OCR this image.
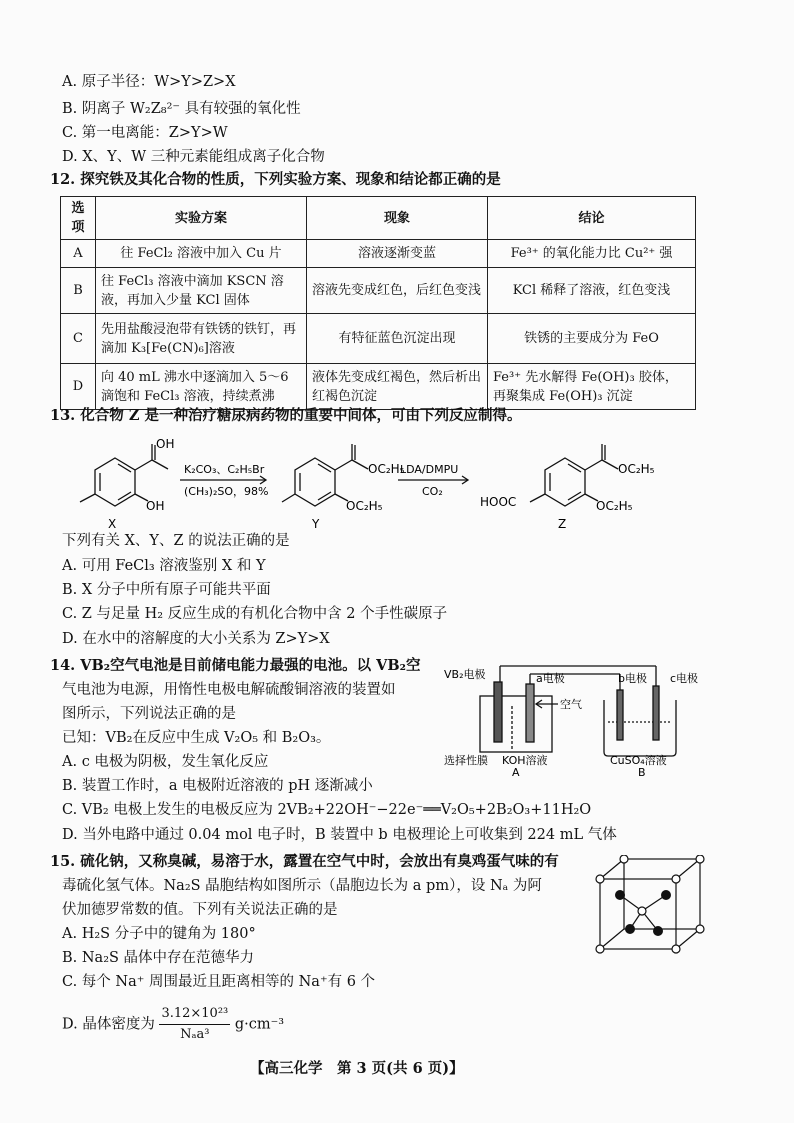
A. 原子半径：W>Y>Z>X
B. 阴离子 W₂Z₈²⁻ 具有较强的氧化性
C. 第一电离能：Z>Y>W
D. X、Y、W 三种元素能组成离子化合物
12. 探究铁及其化合物的性质，下列实验方案、现象和结论都正确的是
选项	实验方案	现象	结论
A	往 FeCl₂ 溶液中加入 Cu 片	溶液逐渐变蓝	Fe³⁺ 的氧化能力比 Cu²⁺ 强
B	往 FeCl₃ 溶液中滴加 KSCN 溶液，再加入少量 KCl 固体	溶液先变成红色，后红色变浅	KCl 稀释了溶液，红色变浅
C	先用盐酸浸泡带有铁锈的铁钉，再滴加 K₃[Fe(CN)₆]溶液	有特征蓝色沉淀出现	铁锈的主要成分为 FeO
D	向 40 mL 沸水中逐滴加入 5～6 滴饱和 FeCl₃ 溶液，持续煮沸	液体先变成红褐色，然后析出红褐色沉淀	Fe³⁺ 先水解得 Fe(OH)₃ 胶体，再聚集成 Fe(OH)₃ 沉淀
13. 化合物 Z 是一种治疗糖尿病药物的重要中间体，可由下列反应制得。
OH
OH
K₂CO₃、C₂H₅Br
(CH₃)₂SO，98%
OC₂H₅
OC₂H₅
LDA/DMPU
CO₂
HOOC
OC₂H₅
OC₂H₅
X	Y	Z
下列有关 X、Y、Z 的说法正确的是
A. 可用 FeCl₃ 溶液鉴别 X 和 Y
B. X 分子中所有原子可能共平面
C. Z 与足量 H₂ 反应生成的有机化合物中含 2 个手性碳原子
D. 在水中的溶解度的大小关系为 Z>Y>X
14. VB₂空气电池是目前储电能力最强的电池。以 VB₂空
气电池为电源，用惰性电极电解硫酸铜溶液的装置如
图所示，下列说法正确的是
已知：VB₂在反应中生成 V₂O₅ 和 B₂O₃。
A. c 电极为阴极，发生氧化反应
B. 装置工作时，a 电极附近溶液的 pH 逐渐减小
C. VB₂ 电极上发生的电极反应为 2VB₂+22OH⁻−22e⁻══V₂O₅+2B₂O₃+11H₂O
D. 当外电路中通过 0.04 mol 电子时，B 装置中 b 电极理论上可收集到 224 mL 气体
VB₂电极	a电极	b电极 c电极
空气
选择性膜 KOH溶液	CuSO₄溶液
A	B
15. 硫化钠，又称臭碱，易溶于水，露置在空气中时，会放出有臭鸡蛋气味的有
毒硫化氢气体。Na₂S 晶胞结构如图所示（晶胞边长为 a pm），设 Nₐ 为阿
伏加德罗常数的值。下列有关说法正确的是
A. H₂S 分子中的键角为 180°
B. Na₂S 晶体中存在范德华力
C. 每个 Na⁺ 周围最近且距离相等的 Na⁺有 6 个
D. 晶体密度为 $\frac{\text{3.12×10²³}}{\text{Nₐa³}} g\cdot cm^{-3}$
【高三化学　第 3 页(共 6 页)】
